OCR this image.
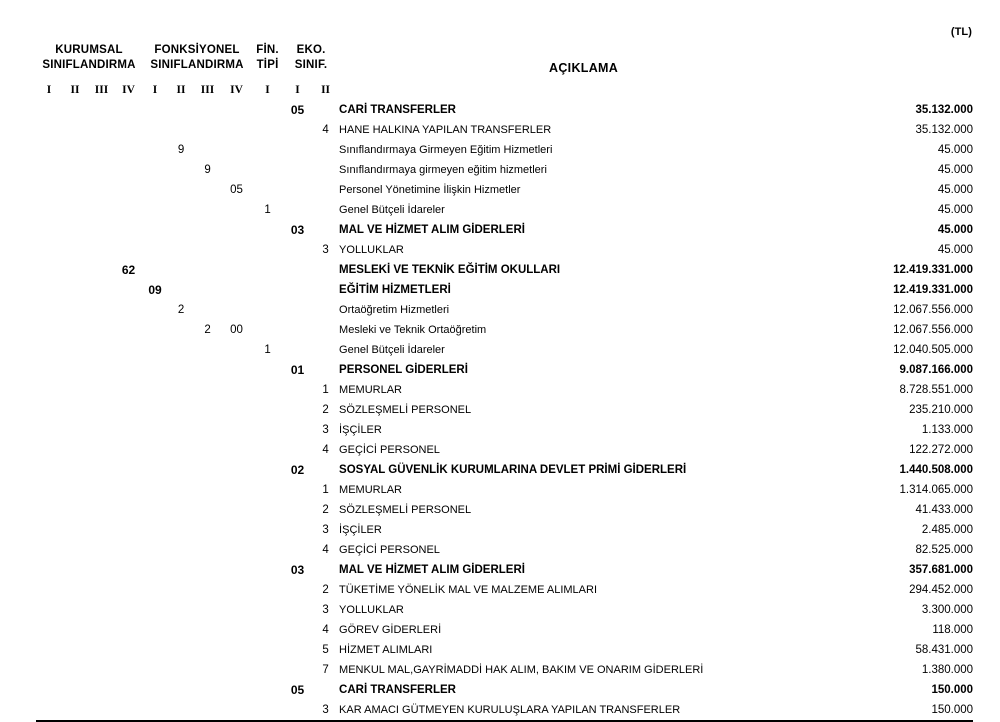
(TL)
KURUMSAL
SINIFLANDIRMA

FONKSİYONEL
SINIFLANDIRMA

FİN.
TİPİ

EKO.
SINIF.	AÇIKLAMA	
I	II	III	IV	I	II	III	IV	I	I	II		
									05		CARİ TRANSFERLER	35.132.000
										4	HANE HALKINA YAPILAN TRANSFERLER	35.132.000
					9						Sınıflandırmaya Girmeyen Eğitim Hizmetleri	45.000
						9					Sınıflandırmaya girmeyen eğitim hizmetleri	45.000
							05				Personel Yönetimine İlişkin Hizmetler	45.000
								1			Genel Bütçeli İdareler	45.000
									03		MAL VE HİZMET ALIM GİDERLERİ	45.000
										3	YOLLUKLAR	45.000
			62								MESLEKİ VE TEKNİK EĞİTİM OKULLARI	12.419.331.000
				09							EĞİTİM HİZMETLERİ	12.419.331.000
					2						Ortaöğretim Hizmetleri	12.067.556.000
						2	00				Mesleki ve Teknik Ortaöğretim	12.067.556.000
								1			Genel Bütçeli İdareler	12.040.505.000
									01		PERSONEL GİDERLERİ	9.087.166.000
										1	MEMURLAR	8.728.551.000
										2	SÖZLEŞMELİ PERSONEL	235.210.000
										3	İŞÇİLER	1.133.000
										4	GEÇİCİ PERSONEL	122.272.000
									02		SOSYAL GÜVENLİK KURUMLARINA DEVLET PRİMİ GİDERLERİ	1.440.508.000
										1	MEMURLAR	1.314.065.000
										2	SÖZLEŞMELİ PERSONEL	41.433.000
										3	İŞÇİLER	2.485.000
										4	GEÇİCİ PERSONEL	82.525.000
									03		MAL VE HİZMET ALIM GİDERLERİ	357.681.000
										2	TÜKETİME YÖNELİK MAL VE MALZEME ALIMLARI	294.452.000
										3	YOLLUKLAR	3.300.000
										4	GÖREV GİDERLERİ	118.000
										5	HİZMET ALIMLARI	58.431.000
										7	MENKUL MAL,GAYRİMADDİ HAK ALIM, BAKIM VE ONARIM GİDERLERİ	1.380.000
									05		CARİ TRANSFERLER	150.000
										3	KAR AMACI GÜTMEYEN KURULUŞLARA YAPILAN TRANSFERLER	150.000
